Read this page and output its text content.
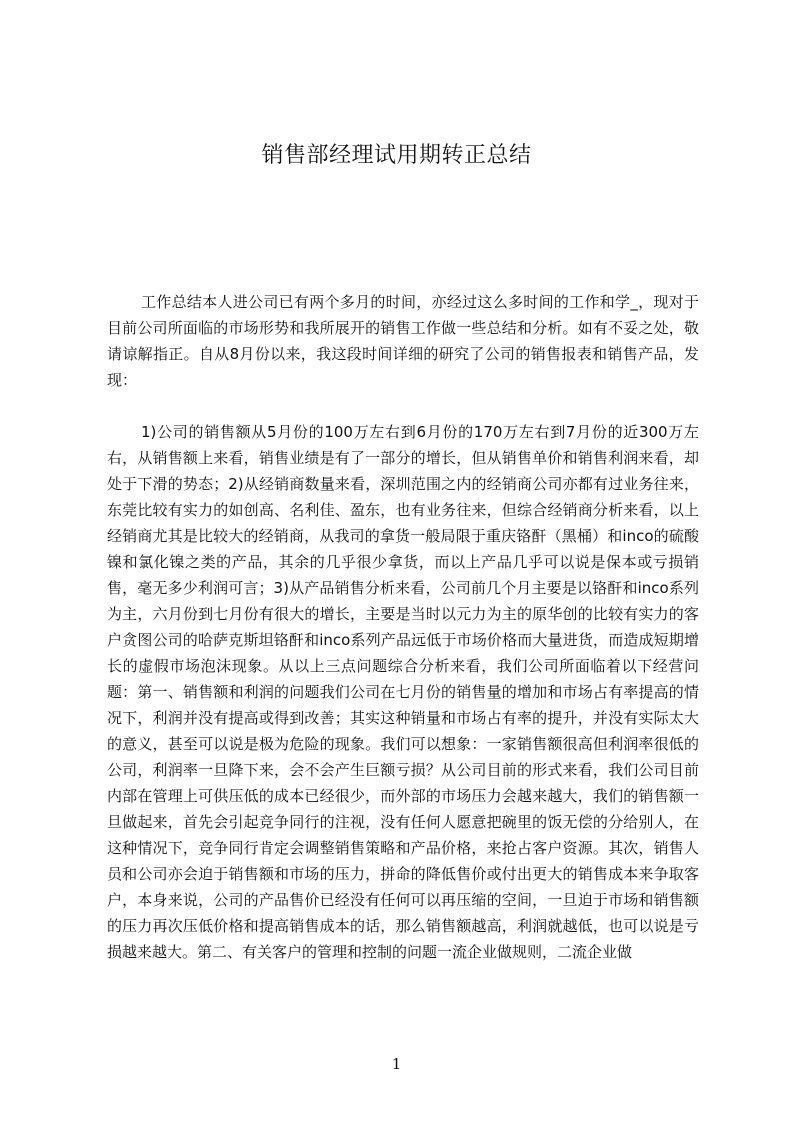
销售部经理试用期转正总结
工作总结本人进公司已有两个多月的时间，亦经过这么多时间的工作和学_，现对于目前公司所面临的市场形势和我所展开的销售工作做一些总结和分析。如有不妥之处，敬请谅解指正。自从8月份以来，我这段时间详细的研究了公司的销售报表和销售产品，发现：
1)公司的销售额从5月份的100万左右到6月份的170万左右到7月份的近300万左右，从销售额上来看，销售业绩是有了一部分的增长，但从销售单价和销售利润来看，却处于下滑的势态；2)从经销商数量来看，深圳范围之内的经销商公司亦都有过业务往来，东莞比较有实力的如创高、名利佳、盈东，也有业务往来，但综合经销商分析来看，以上经销商尤其是比较大的经销商，从我司的拿货一般局限于重庆铬酐（黑桶）和inco的硫酸镍和氯化镍之类的产品，其余的几乎很少拿货，而以上产品几乎可以说是保本或亏损销售，毫无多少利润可言；3)从产品销售分析来看，公司前几个月主要是以铬酐和inco系列为主，六月份到七月份有很大的增长，主要是当时以元力为主的原华创的比较有实力的客户贪图公司的哈萨克斯坦铬酐和inco系列产品远低于市场价格而大量进货，而造成短期增长的虚假市场泡沫现象。从以上三点问题综合分析来看，我们公司所面临着以下经营问题：第一、销售额和利润的问题我们公司在七月份的销售量的增加和市场占有率提高的情况下，利润并没有提高或得到改善；其实这种销量和市场占有率的提升，并没有实际太大的意义，甚至可以说是极为危险的现象。我们可以想象：一家销售额很高但利润率很低的公司，利润率一旦降下来，会不会产生巨额亏损？从公司目前的形式来看，我们公司目前内部在管理上可供压低的成本已经很少，而外部的市场压力会越来越大，我们的销售额一旦做起来，首先会引起竞争同行的注视，没有任何人愿意把碗里的饭无偿的分给别人，在这种情况下，竞争同行肯定会调整销售策略和产品价格，来抢占客户资源。其次，销售人员和公司亦会迫于销售额和市场的压力，拼命的降低售价或付出更大的销售成本来争取客户，本身来说，公司的产品售价已经没有任何可以再压缩的空间，一旦迫于市场和销售额的压力再次压低价格和提高销售成本的话，那么销售额越高，利润就越低，也可以说是亏损越来越大。第二、有关客户的管理和控制的问题一流企业做规则，二流企业做
1
